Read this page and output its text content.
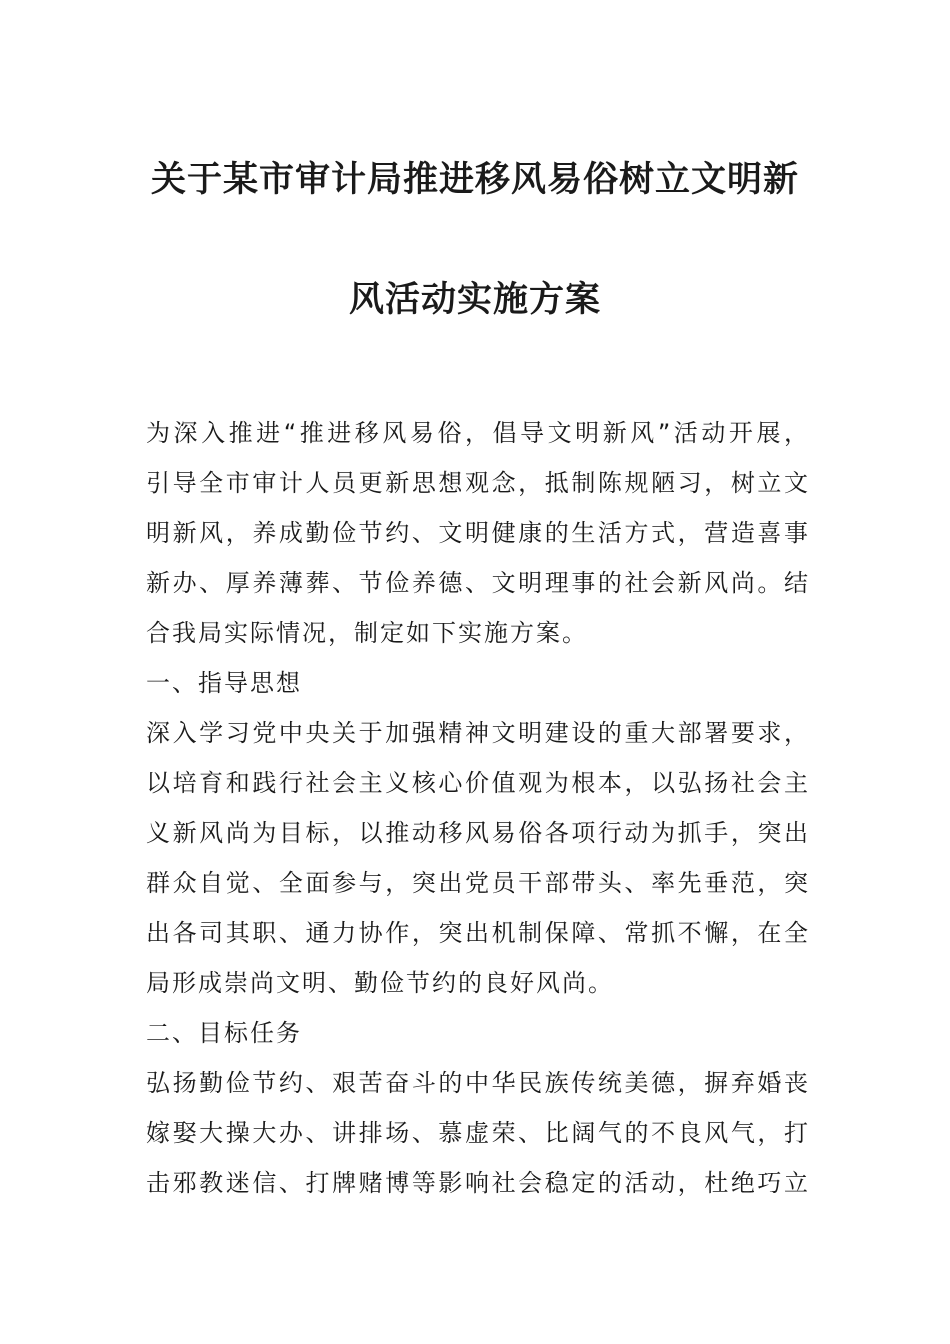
关于某市审计局推进移风易俗树立文明新
风活动实施方案
为深入推进“推进移风易俗，倡导文明新风”活动开展，
引导全市审计人员更新思想观念，抵制陈规陋习，树立文
明新风，养成勤俭节约、文明健康的生活方式，营造喜事
新办、厚养薄葬、节俭养德、文明理事的社会新风尚。结
合我局实际情况，制定如下实施方案。
一、指导思想
深入学习党中央关于加强精神文明建设的重大部署要求，
以培育和践行社会主义核心价值观为根本，以弘扬社会主
义新风尚为目标，以推动移风易俗各项行动为抓手，突出
群众自觉、全面参与，突出党员干部带头、率先垂范，突
出各司其职、通力协作，突出机制保障、常抓不懈，在全
局形成崇尚文明、勤俭节约的良好风尚。
二、目标任务
弘扬勤俭节约、艰苦奋斗的中华民族传统美德，摒弃婚丧
嫁娶大操大办、讲排场、慕虚荣、比阔气的不良风气，打
击邪教迷信、打牌赌博等影响社会稳定的活动，杜绝巧立
